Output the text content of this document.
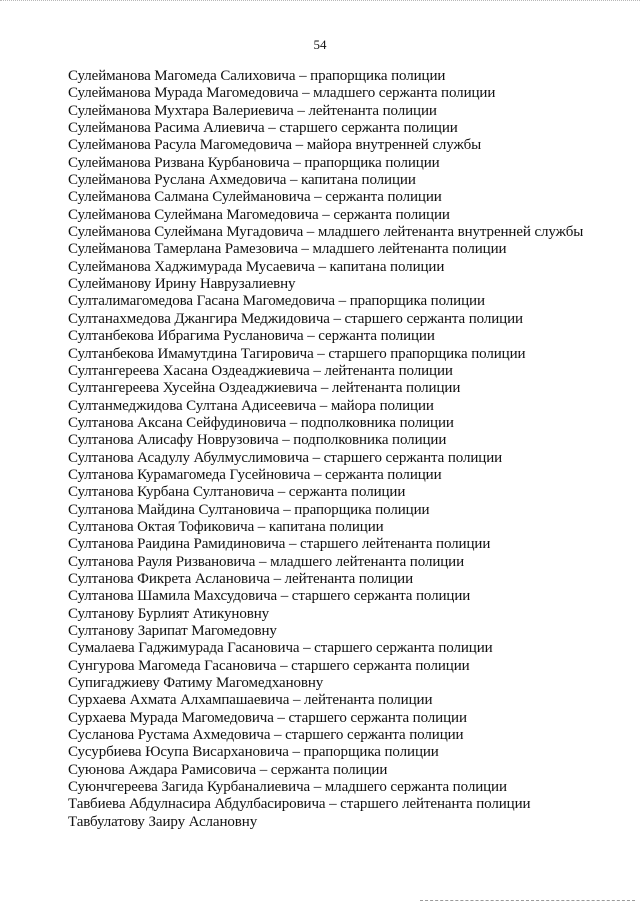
54
Сулейманова Магомеда Салиховича – прапорщика полиции
Сулейманова Мурада Магомедовича – младшего сержанта полиции
Сулейманова Мухтара Валериевича – лейтенанта полиции
Сулейманова Расима Алиевича – старшего сержанта полиции
Сулейманова Расула Магомедовича – майора внутренней службы
Сулейманова Ризвана Курбановича – прапорщика полиции
Сулейманова Руслана Ахмедовича – капитана полиции
Сулейманова Салмана Сулеймановича – сержанта полиции
Сулейманова Сулеймана Магомедовича – сержанта полиции
Сулейманова Сулеймана Мугадовича – младшего лейтенанта внутренней службы
Сулейманова Тамерлана Рамезовича – младшего лейтенанта полиции
Сулейманова Хаджимурада Мусаевича – капитана полиции
Сулейманову Ирину Наврузалиевну
Султалимагомедова Гасана Магомедовича – прапорщика полиции
Султанахмедова Джангира Меджидовича – старшего сержанта полиции
Султанбекова Ибрагима Руслановича – сержанта полиции
Султанбекова Имамутдина Тагировича – старшего прапорщика полиции
Султангереева Хасана Оздеаджиевича – лейтенанта полиции
Султангереева Хусейна Оздеаджиевича – лейтенанта полиции
Султанмеджидова Султана Адисеевича – майора полиции
Султанова Аксана Сейфудиновича – подполковника полиции
Султанова Алисафу Новрузовича – подполковника полиции
Султанова Асадулу Абулмуслимовича – старшего сержанта полиции
Султанова Курамагомеда Гусейновича – сержанта полиции
Султанова Курбана Султановича – сержанта полиции
Султанова Майдина Султановича – прапорщика полиции
Султанова Октая Тофиковича – капитана полиции
Султанова Раидина Рамидиновича – старшего лейтенанта полиции
Султанова Рауля Ризвановича – младшего лейтенанта полиции
Султанова Фикрета Аслановича – лейтенанта полиции
Султанова Шамила Махсудовича – старшего сержанта полиции
Султанову Бурлият Атикуновну
Султанову Зарипат Магомедовну
Сумалаева Гаджимурада Гасановича – старшего сержанта полиции
Сунгурова Магомеда Гасановича – старшего сержанта полиции
Супигаджиеву Фатиму Магомедхановну
Сурхаева Ахмата Алхампашаевича – лейтенанта полиции
Сурхаева Мурада Магомедовича – старшего сержанта полиции
Сусланова Рустама Ахмедовича – старшего сержанта полиции
Сусурбиева Юсупа Висархановича – прапорщика полиции
Суюнова Аждара Рамисовича – сержанта полиции
Суюнчгереева Загида Курбаналиевича – младшего сержанта полиции
Тавбиева Абдулнасира Абдулбасировича – старшего лейтенанта полиции
Тавбулатову Заиру Аслановну
